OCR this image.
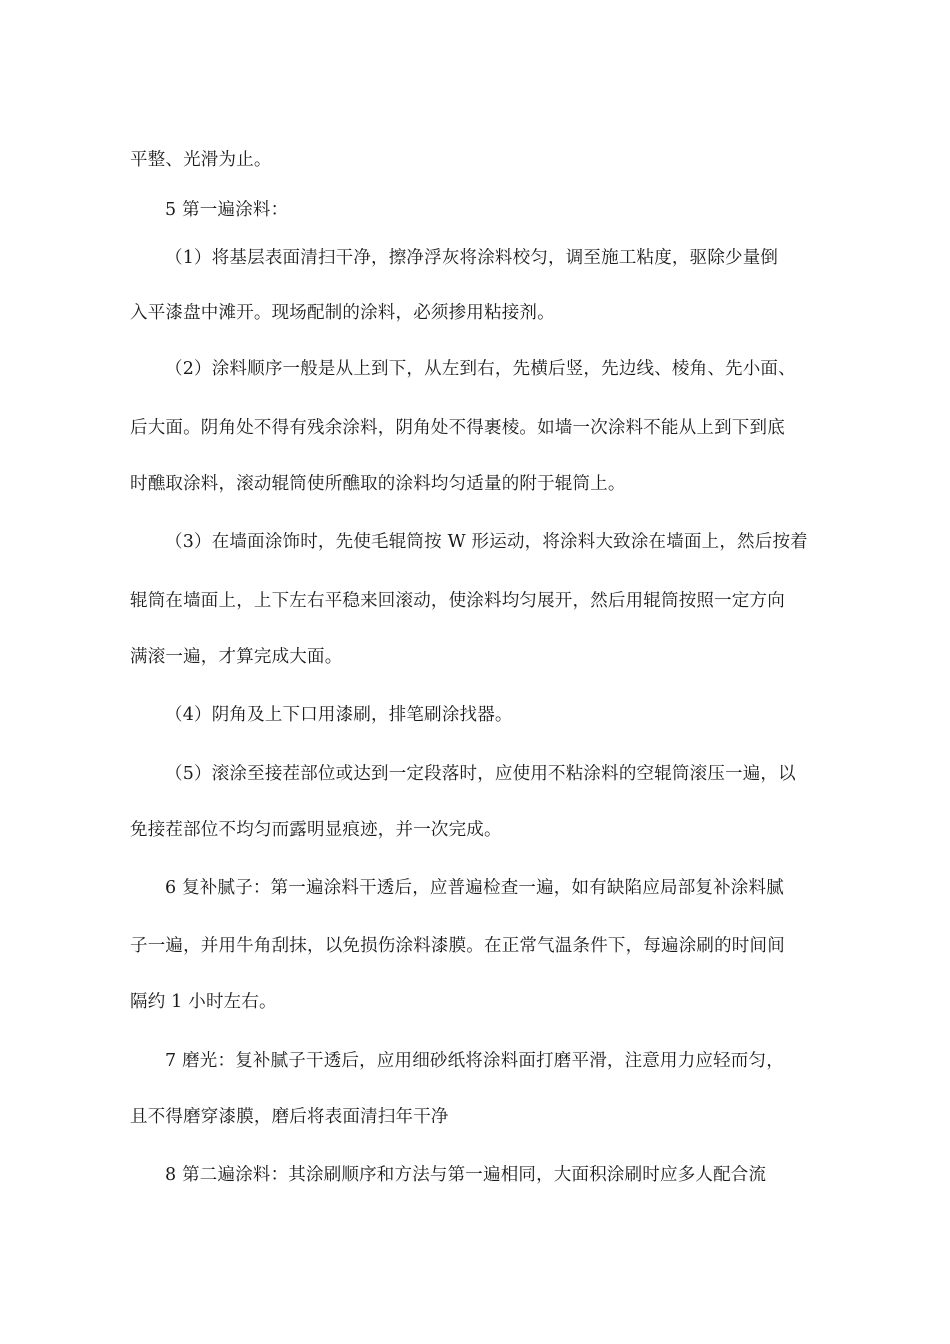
平整、光滑为止。
5 第一遍涂料：
（1）将基层表面清扫干净，擦净浮灰将涂料校匀，调至施工粘度，驱除少量倒
入平漆盘中滩开。现场配制的涂料，必须掺用粘接剂。
（2）涂料顺序一般是从上到下，从左到右，先横后竖，先边线、棱角、先小面、
后大面。阴角处不得有残余涂料，阴角处不得裹棱。如墙一次涂料不能从上到下到底
时醮取涂料，滚动辊筒使所醮取的涂料均匀适量的附于辊筒上。
（3）在墙面涂饰时，先使毛辊筒按 W 形运动，将涂料大致涂在墙面上，然后按着
辊筒在墙面上，上下左右平稳来回滚动，使涂料均匀展开，然后用辊筒按照一定方向
满滚一遍，才算完成大面。
（4）阴角及上下口用漆刷，排笔刷涂找器。
（5）滚涂至接茬部位或达到一定段落时，应使用不粘涂料的空辊筒滚压一遍，以
免接茬部位不均匀而露明显痕迹，并一次完成。
6 复补腻子：第一遍涂料干透后，应普遍检查一遍，如有缺陷应局部复补涂料腻
子一遍，并用牛角刮抹，以免损伤涂料漆膜。在正常气温条件下，每遍涂刷的时间间
隔约 1 小时左右。
7 磨光：复补腻子干透后，应用细砂纸将涂料面打磨平滑，注意用力应轻而匀，
且不得磨穿漆膜，磨后将表面清扫年干净
8 第二遍涂料：其涂刷顺序和方法与第一遍相同，大面积涂刷时应多人配合流
